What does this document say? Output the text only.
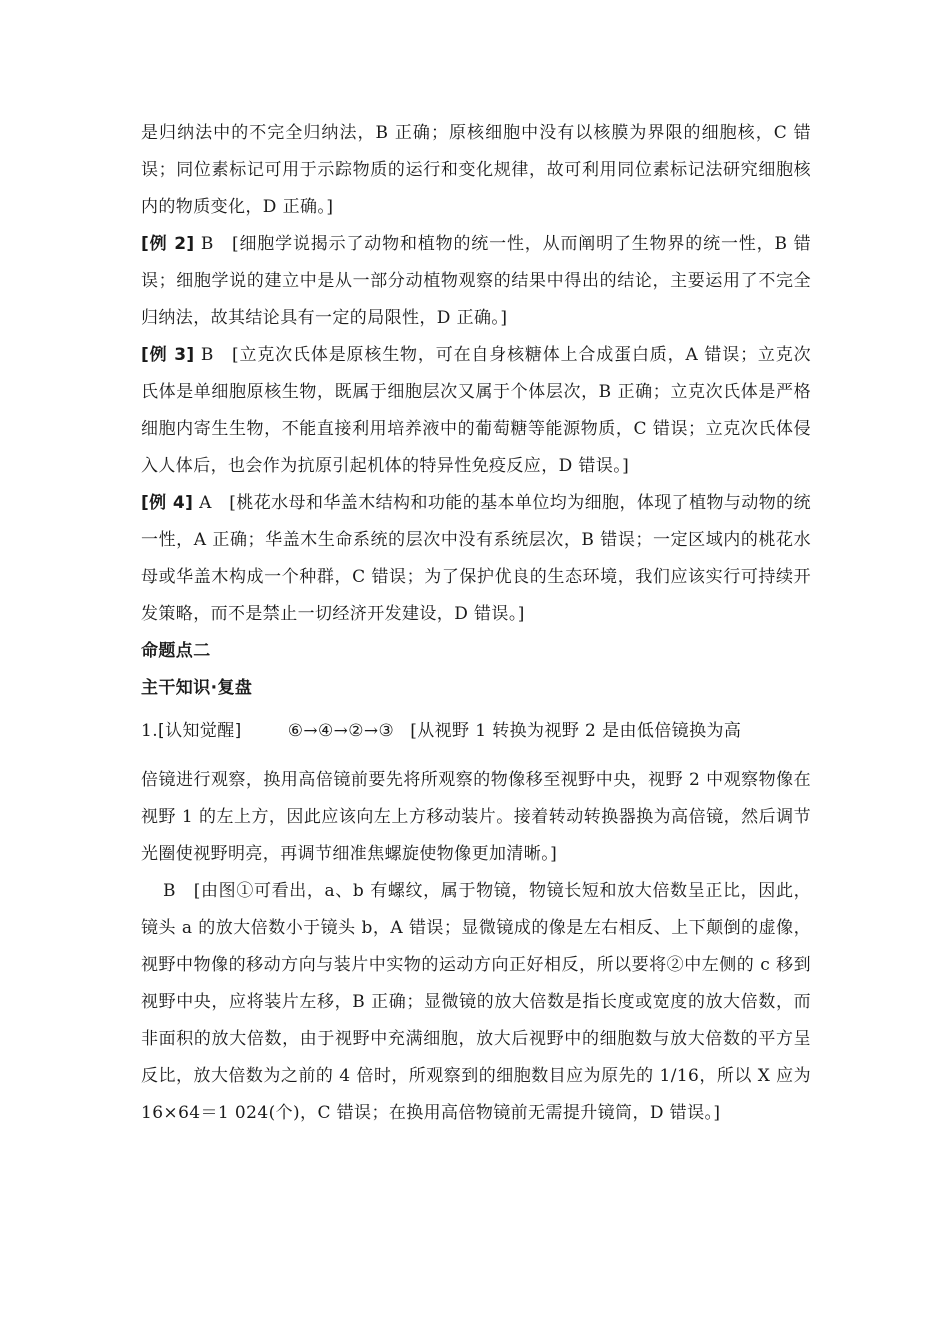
是归纳法中的不完全归纳法，B 正确；原核细胞中没有以核膜为界限的细胞核，C 错误；同位素标记可用于示踪物质的运行和变化规律，故可利用同位素标记法研究细胞核内的物质变化，D 正确。]

[例 2] B　[细胞学说揭示了动物和植物的统一性，从而阐明了生物界的统一性，B 错误；细胞学说的建立中是从一部分动植物观察的结果中得出的结论，主要运用了不完全归纳法，故其结论具有一定的局限性，D 正确。]

[例 3] B　[立克次氏体是原核生物，可在自身核糖体上合成蛋白质，A 错误；立克次氏体是单细胞原核生物，既属于细胞层次又属于个体层次，B 正确；立克次氏体是严格细胞内寄生生物，不能直接利用培养液中的葡萄糖等能源物质，C 错误；立克次氏体侵入人体后，也会作为抗原引起机体的特异性免疫反应，D 错误。]

[例 4] A　[桃花水母和华盖木结构和功能的基本单位均为细胞，体现了植物与动物的统一性，A 正确；华盖木生命系统的层次中没有系统层次，B 错误；一定区域内的桃花水母或华盖木构成一个种群，C 错误；为了保护优良的生态环境，我们应该实行可持续开发策略，而不是禁止一切经济开发建设，D 错误。]

命题点二

主干知识·复盘

1.[认知觉醒]	⑥→④→②→③ [从视野 1 转换为视野 2 是由低倍镜换为高
倍镜进行观察，换用高倍镜前要先将所观察的物像移至视野中央，视野 2 中观察物像在视野 1 的左上方，因此应该向左上方移动装片。接着转动转换器换为高倍镜，然后调节光圈使视野明亮，再调节细准焦螺旋使物像更加清晰。]

B　[由图①可看出，a、b 有螺纹，属于物镜，物镜长短和放大倍数呈正比，因此，镜头 a 的放大倍数小于镜头 b，A 错误；显微镜成的像是左右相反、上下颠倒的虚像，视野中物像的移动方向与装片中实物的运动方向正好相反，所以要将②中左侧的 c 移到视野中央，应将装片左移，B 正确；显微镜的放大倍数是指长度或宽度的放大倍数，而非面积的放大倍数，由于视野中充满细胞，放大后视野中的细胞数与放大倍数的平方呈反比，放大倍数为之前的 4 倍时，所观察到的细胞数目应为原先的 1/16，所以 X 应为 16×64＝1 024(个)，C 错误；在换用高倍物镜前无需提升镜筒，D 错误。]
